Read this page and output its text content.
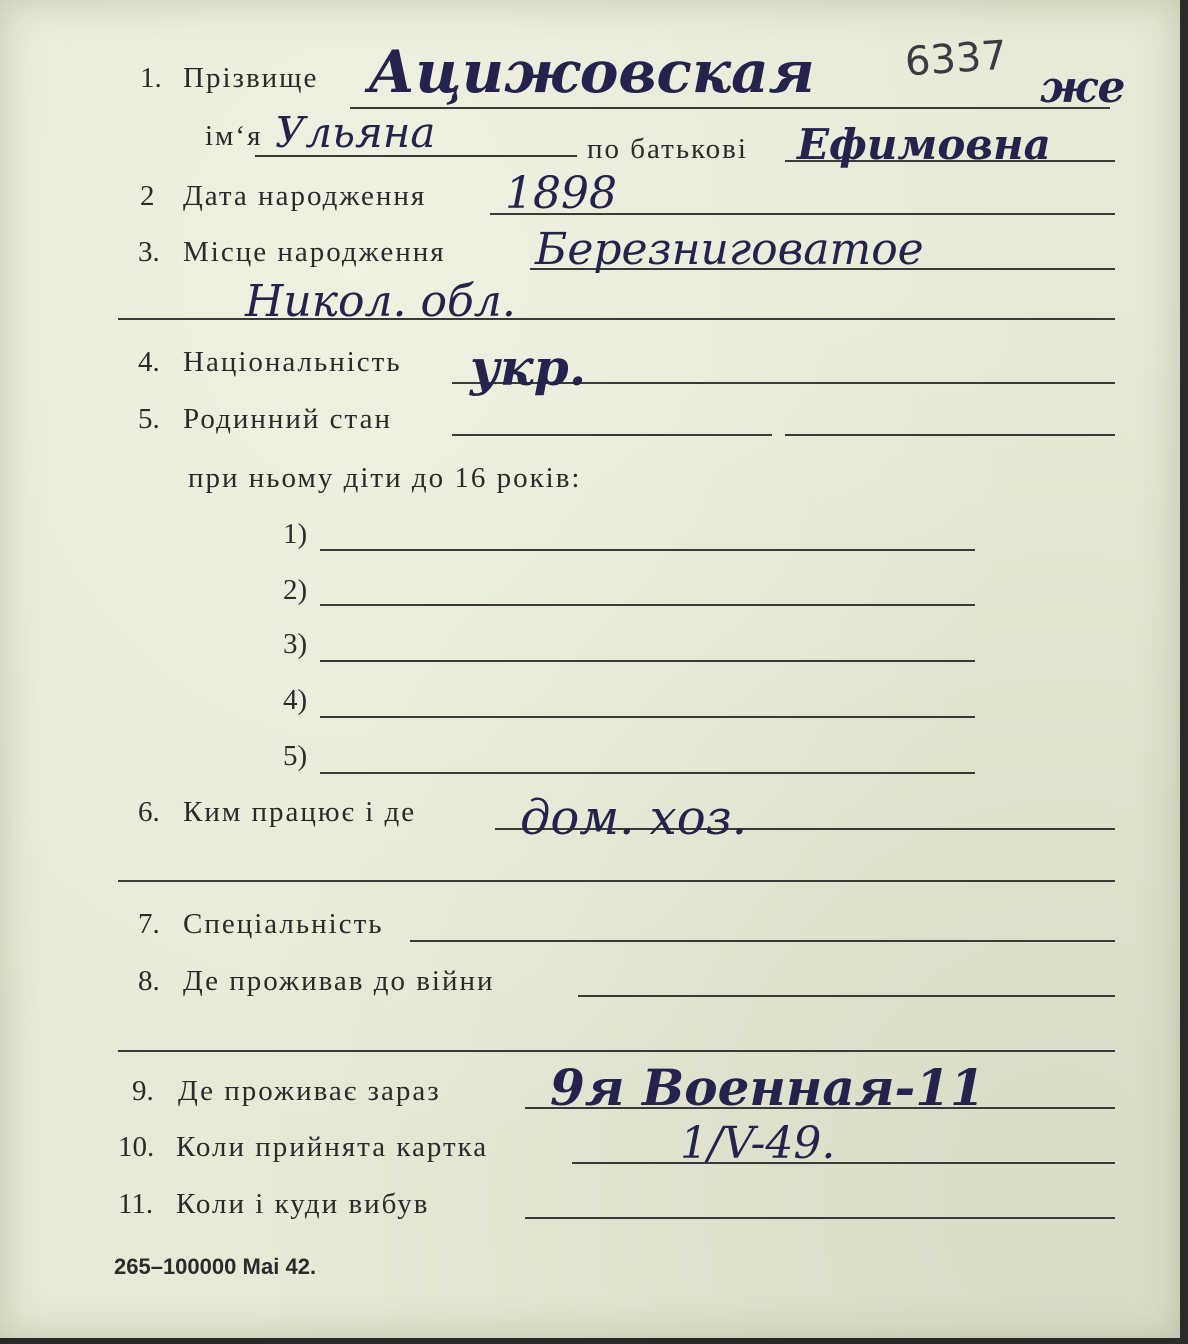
1. Прізвище Ацижовская	же
6337
ім‘я Ульяна	по батькові Ефимовна
2 Дата народження 1898
3. Місце народження Березниговатое
Никол. обл.
4. Національність укр.
5. Родинний стан
при ньому діти до 16 років:
1)
2)
3)
4)
5)
6. Ким працює і де дом. хоз.
7. Спеціальність
8. Де проживав до війни
9. Де проживає зараз 9я Военная-11
10. Коли прийнята картка	1/V-49.
11. Коли і куди вибув
265–100000 Маі 42.
